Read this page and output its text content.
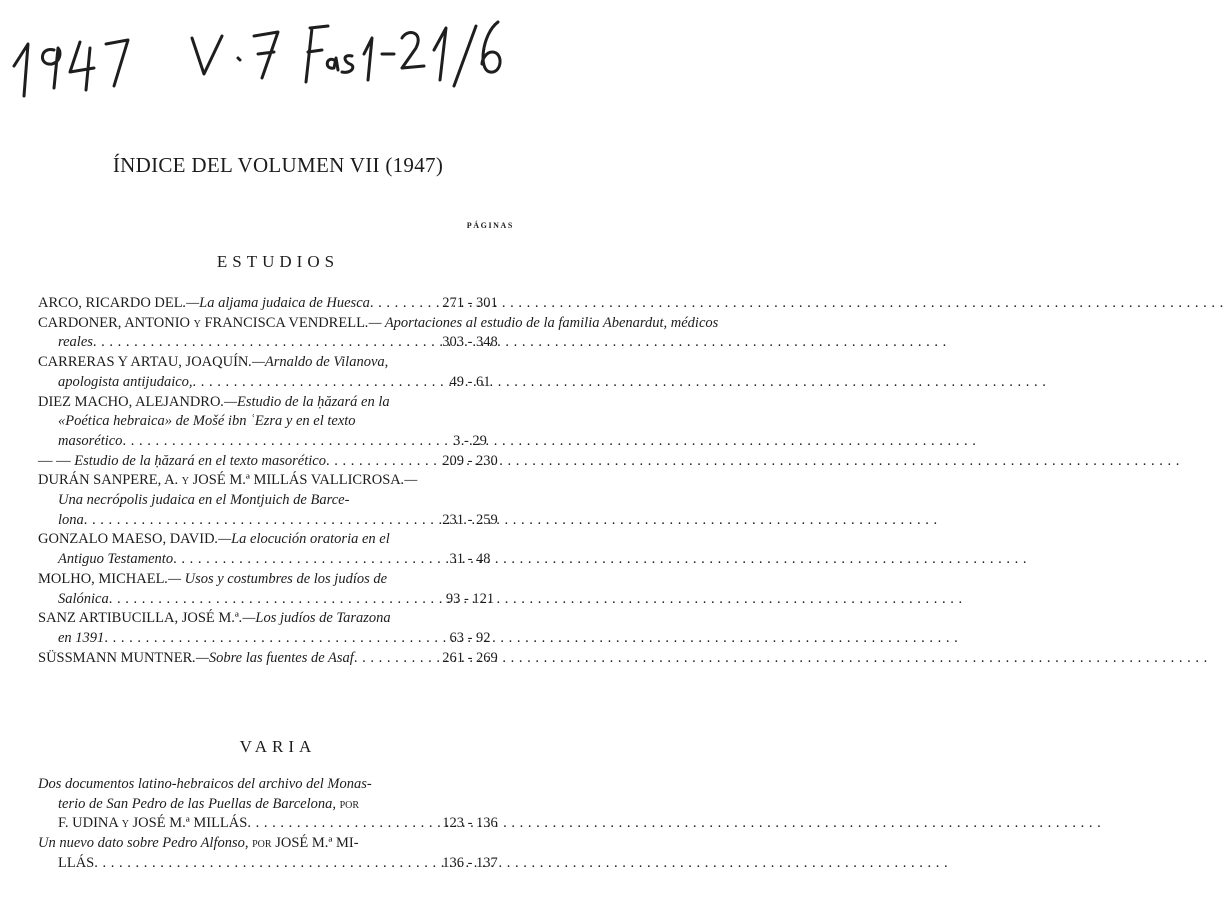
ÍNDICE DEL VOLUMEN VII (1947)
PÁGINAS
ESTUDIOS
ARCO, RICARDO DEL.—La aljama judaica de Huesca . . .	271 - 301
CARDONER, ANTONIO y FRANCISCA VENDRELL.— Aportaciones al estudio de la familia Abenardut, médicos
reales . . .	303 - 348
CARRERAS Y ARTAU, JOAQUÍN.—Arnaldo de Vilanova,
apologista antijudaico, . . .	49 - 61
DIEZ MACHO, ALEJANDRO.—Estudio de la ḥăzará en la
«Poética hebraica» de Mošé ibn ʿEzra y en el texto
masorético . . .	3 - 29
— — Estudio de la ḥăzará en el texto masorético . . .	209 - 230
DURÁN SANPERE, A. y JOSÉ M.ª MILLÁS VALLICROSA.—
Una necrópolis judaica en el Montjuich de Barce-
lona . . .	231 - 259
GONZALO MAESO, DAVID.—La elocución oratoria en el
Antiguo Testamento . . .	31 - 48
MOLHO, MICHAEL.— Usos y costumbres de los judíos de
Salónica . . .	93 - 121
SANZ ARTIBUCILLA, JOSÉ M.ª.—Los judíos de Tarazona
en 1391 . . .	63 - 92
SÜSSMANN MUNTNER.—Sobre las fuentes de Asaf . . .	261 - 269
VARIA
Dos documentos latino-hebraicos del archivo del Monas-
terio de San Pedro de las Puellas de Barcelona, por
F. UDINA y JOSÉ M.ª MILLÁS . . .	123 - 136
Un nuevo dato sobre Pedro Alfonso, por JOSÉ M.ª MI-
LLÁS . . .	136 - 137
